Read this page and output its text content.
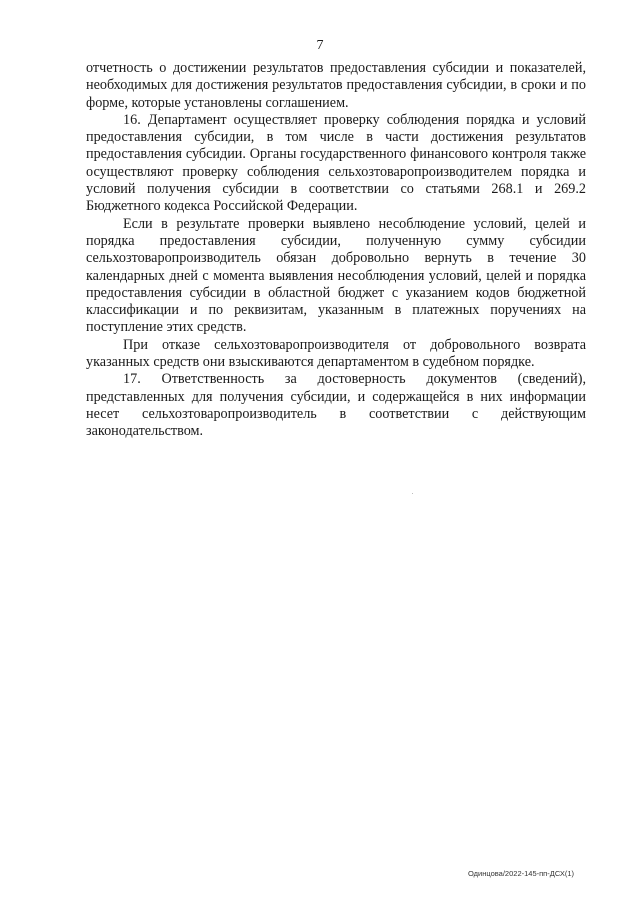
7

отчетность о достижении результатов предоставления субсидии и показателей, необходимых для достижения результатов предоставления субсидии, в сроки и по форме, которые установлены соглашением.

16. Департамент осуществляет проверку соблюдения порядка и условий предоставления субсидии, в том числе в части достижения результатов предоставления субсидии. Органы государственного финансового контроля также осуществляют проверку соблюдения сельхозтоваропроизводителем порядка и условий получения субсидии в соответствии со статьями 268.1 и 269.2 Бюджетного кодекса Российской Федерации.

Если в результате проверки выявлено несоблюдение условий, целей и порядка предоставления субсидии, полученную сумму субсидии сельхозтоваропроизводитель обязан добровольно вернуть в течение 30 календарных дней с момента выявления несоблюдения условий, целей и порядка предоставления субсидии в областной бюджет с указанием кодов бюджетной классификации и по реквизитам, указанным в платежных поручениях на поступление этих средств.

При отказе сельхозтоваропроизводителя от добровольного возврата указанных средств они взыскиваются департаментом в судебном порядке.

17. Ответственность за достоверность документов (сведений), представленных для получения субсидии, и содержащейся в них информации несет сельхозтоваропроизводитель в соответствии с действующим законодательством.

Одинцова/2022-145-пп-ДСХ(1)
